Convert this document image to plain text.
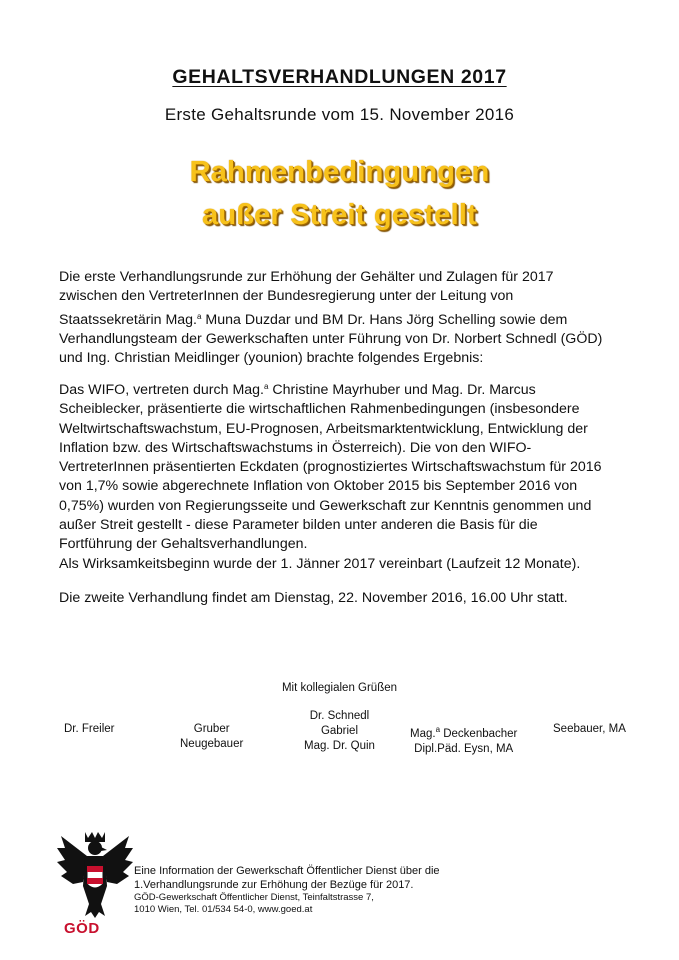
GEHALTSVERHANDLUNGEN 2017
Erste Gehaltsrunde vom 15. November 2016
Rahmenbedingungen
außer Streit gestellt
Die erste Verhandlungsrunde zur Erhöhung der Gehälter und Zulagen für 2017
zwischen den VertreterInnen der Bundesregierung unter der Leitung von
Staatssekretärin Mag.$^a$ Muna Duzdar und BM Dr. Hans Jörg Schelling sowie dem
Verhandlungsteam der Gewerkschaften unter Führung von Dr. Norbert Schnedl (GÖD)
und Ing. Christian Meidlinger (younion) brachte folgendes Ergebnis:
Das WIFO, vertreten durch Mag.$^a$ Christine Mayrhuber und Mag. Dr. Marcus
Scheiblecker, präsentierte die wirtschaftlichen Rahmenbedingungen (insbesondere
Weltwirtschaftswachstum, EU-Prognosen, Arbeitsmarktentwicklung, Entwicklung der
Inflation bzw. des Wirtschaftswachstums in Österreich). Die von den WIFO-
VertreterInnen präsentierten Eckdaten (prognostiziertes Wirtschaftswachstum für 2016
von 1,7% sowie abgerechnete Inflation von Oktober 2015 bis September 2016 von
0,75%) wurden von Regierungsseite und Gewerkschaft zur Kenntnis genommen und
außer Streit gestellt - diese Parameter bilden unter anderen die Basis für die
Fortführung der Gehaltsverhandlungen.
Als Wirksamkeitsbeginn wurde der 1. Jänner 2017 vereinbart (Laufzeit 12 Monate).
Die zweite Verhandlung findet am Dienstag, 22. November 2016, 16.00 Uhr statt.
Mit kollegialen Grüßen
Dr. Freiler	Gruber
Neugebauer
Dr. Schnedl
Gabriel
Mag. Dr. Quin
Mag.$^a$ Deckenbacher
Dipl.Päd. Eysn, MA
Seebauer, MA
GÖD
Eine Information der Gewerkschaft Öffentlicher Dienst über die
1.Verhandlungsrunde zur Erhöhung der Bezüge für 2017.
GÖD-Gewerkschaft Öffentlicher Dienst, Teinfaltstrasse 7,
1010 Wien, Tel. 01/534 54-0, www.goed.at
